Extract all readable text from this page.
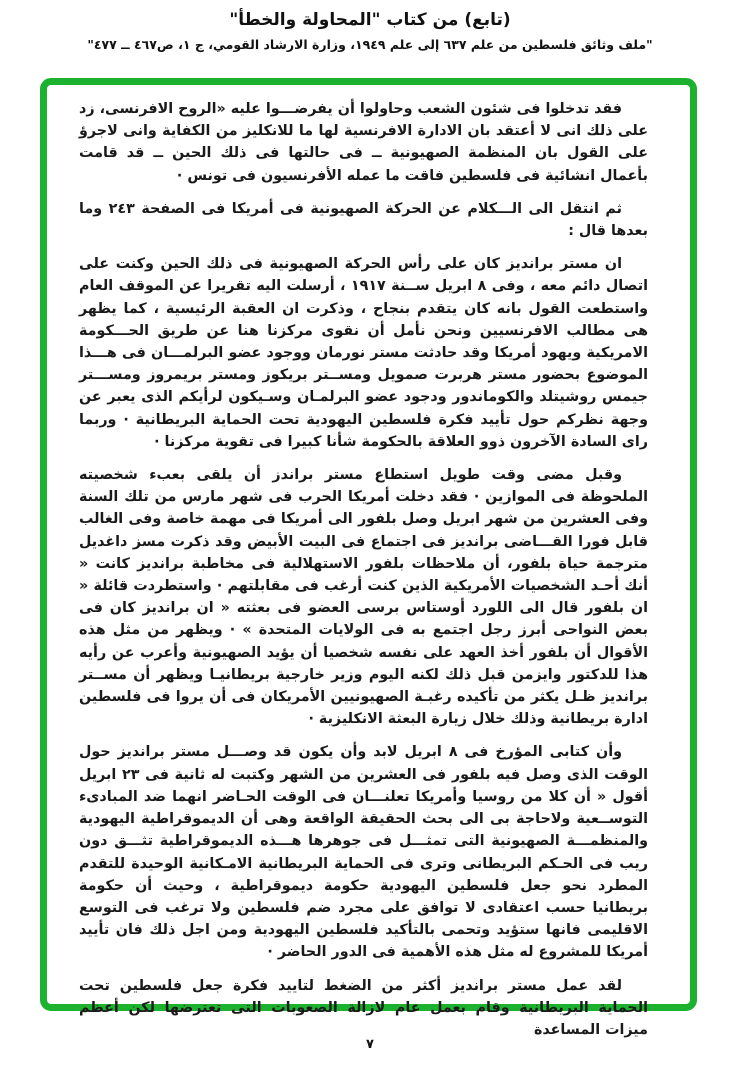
(تابع) من كتاب "المحاولة والخطأ"
"ملف وثائق فلسطين من علم ٦٣٧ إلى علم ١٩٤٩، وزارة الارشاد القومي، ج ١، ص٤٦٧ ــ ٤٧٧"

فقد تدخلوا فى شئون الشعب وحاولوا أن يفرضـــوا عليه «الروح الافرنسى، زد على ذلك انى لا أعتقد بان الادارة الافرنسية لها ما للانكليز من الكفاية وانى لاجرؤ على القول بان المنظمة الصهيونية ــ فى حالتها فى ذلك الحين ــ قد قامت بأعمال انشائية فى فلسطين فاقت ما عمله الأفرنسيون فى تونس ·

ثم انتقل الى الـــكلام عن الحركة الصهيونية فى أمريكا فى الصفحة ٢٤٣ وما بعدها قال :

ان مستر برانديز كان على رأس الحركة الصهيونية فى ذلك الحين وكنت على اتصال دائم معه ، وفى ٨ ابريل ســنة ١٩١٧ ، أرسلت اليه تقريرا عن الموقف العام واستطعت القول بانه كان يتقدم بنجاح ، وذكرت ان العقبة الرئيسية ، كما يظهر هى مطالب الافرنسيين ونحن نأمل أن نقوى مركزنا هنا عن طريق الحـــكومة الامريكية ويهود أمريكا وقد حادثت مستر نورمان ووجود عضو البرلمـــان فى هـــذا الموضوع بحضور مستر هربرت صمويل ومســتر بريكوز ومستر بريمروز ومســـتر جيمس روشيتلد والكوماندور ودجود عضو البرلمـان وسـيكون لرأيكم الذى يعبر عن وجهة نظركم حول تأييد فكرة فلسطين اليهودية تحت الحماية البريطانية · وربما راى السادة الآخرون ذوو العلاقة بالحكومة شأنا كبيرا فى تقوية مركزنا ·

وقبل مضى وقت طويل استطاع مستر براندز أن يلقى بعبء شخصيته الملحوظة فى الموازين · فقد دخلت أمريكا الحرب فى شهر مارس من تلك السنة وفى العشرين من شهر ابريل وصل بلفور الى أمريكا فى مهمة خاصة وفى الغالب قابل فورا القـــاضى برانديز فى اجتماع فى البيت الأبيض وقد ذكرت مسز داغديل مترجمة حياة بلفور، أن ملاحظات بلفور الاستهلالية فى مخاطبة برانديز كانت « أنك أحـد الشخصيات الأمريكية الذين كنت أرغب فى مقابلتهم · واستطردت قائلة « ان بلفور قال الى اللورد أوستاس برسى العضو فى بعثته « ان برانديز كان فى بعض النواحى أبرز رجل اجتمع به فى الولايات المتحدة » · ويظهر من مثل هذه الأقوال أن بلفور أخذ العهد على نفسه شخصيا أن يؤيد الصهيونية وأعرب عن رأيه هذا للدكتور وايزمن قبل ذلك لكنه اليوم وزير خارجية بريطانيـا ويظهر أن مســتر برانديز ظـل يكثر من تأكيده رغبـة الصهيونيين الأمريكان فى أن يروا فى فلسطين ادارة بريطانية وذلك خلال زيارة البعثة الانكليزية ·

وأن كتابى المؤرخ فى ٨ ابريل لابد وأن يكون قد وصـــل مستر برانديز حول الوقت الذى وصل فيه بلفور فى العشرين من الشهر وكتبت له ثانية فى ٢٣ ابريل أقول « أن كلا من روسيا وأمريكا تعلنـــان فى الوقت الحـاضر انهما ضد المبادىء التوســعية ولاحاجة بى الى بحث الحقيقة الواقعة وهى أن الديموقراطية اليهودية والمنظمـــة الصهيونية التى تمثـــل فى جوهرها هـــذه الديموقراطية تثـــق دون ريب فى الحـكم البريطانى وترى فى الحماية البريطانية الامـكانية الوحيدة للتقدم المطرد نحو جعل فلسطين اليهودية حكومة ديموقراطية ، وحيث أن حكومة بريطانيا حسب اعتقادى لا توافق على مجرد ضم فلسطين ولا ترغب فى التوسع الاقليمى فانها ستؤيد وتحمى بالتأكيد فلسطين اليهودية ومن اجل ذلك فان تأييد أمريكا للمشروع له مثل هذه الأهمية فى الدور الحاضر ·

لقد عمل مستر برانديز أكثر من الضغط لتاييد فكرة جعل فلسطين تحت الحماية البريطانية وقام بعمل عام لازالة الصعوبات التى تعترضها لكن أعظم ميزات المساعدة

٧
